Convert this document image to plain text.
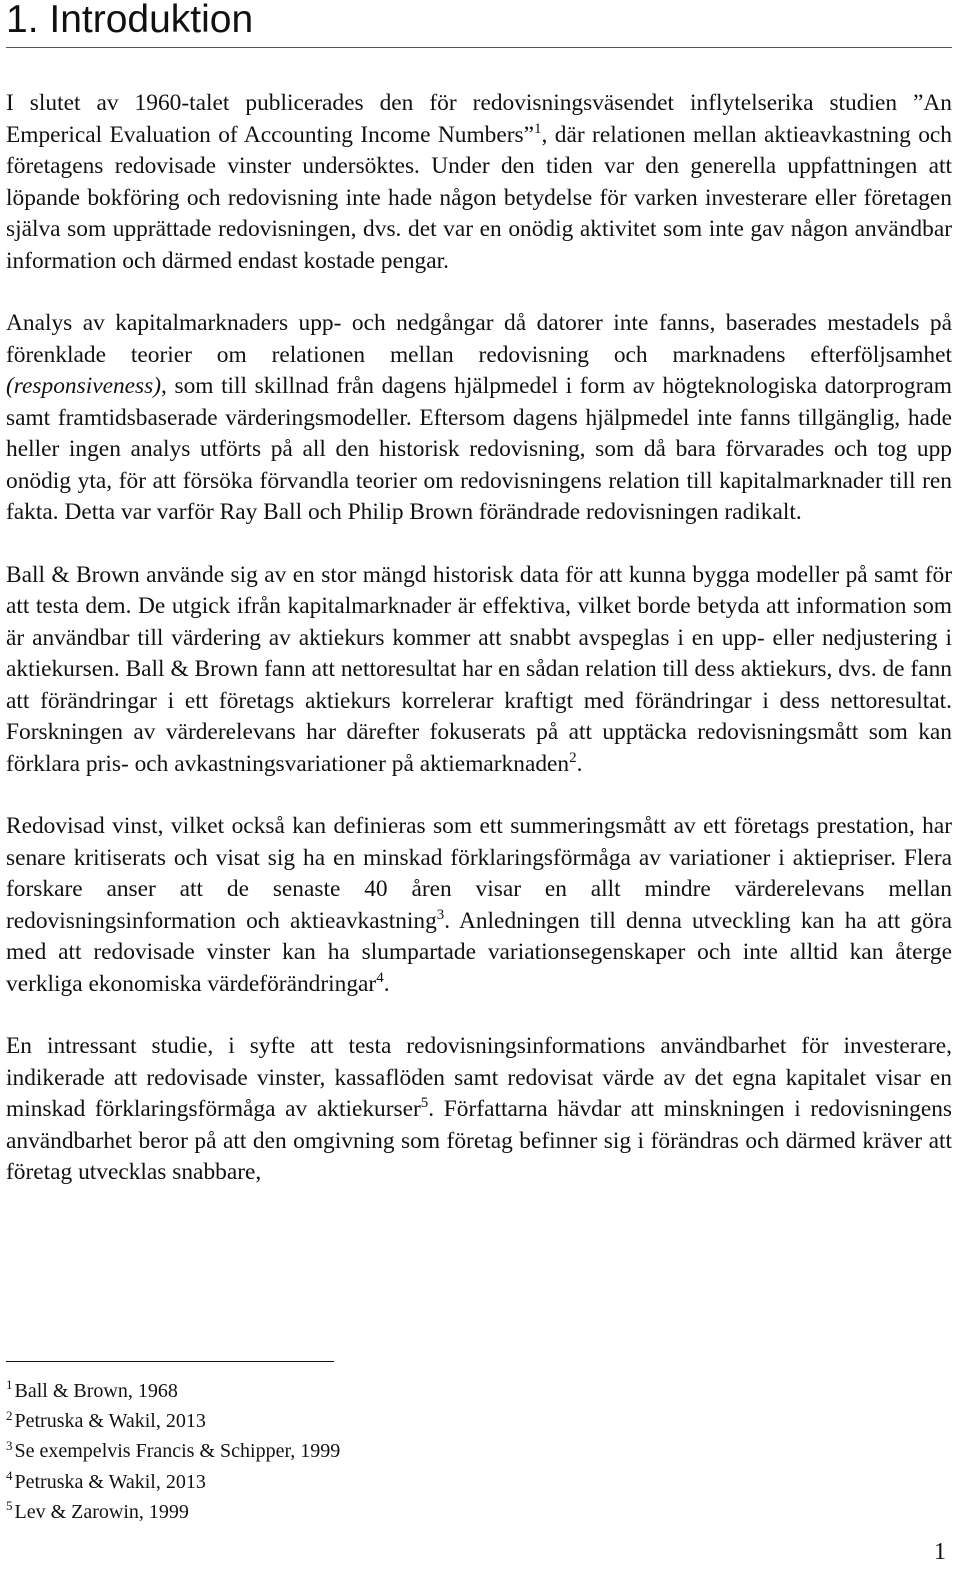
1. Introduktion

I slutet av 1960-talet publicerades den för redovisningsväsendet inflytelserika studien ”An Emperical Evaluation of Accounting Income Numbers”$^1$, där relationen mellan aktieavkastning och företagens redovisade vinster undersöktes. Under den tiden var den generella uppfattningen att löpande bokföring och redovisning inte hade någon betydelse för varken investerare eller företagen själva som upprättade redovisningen, dvs. det var en onödig aktivitet som inte gav någon användbar information och därmed endast kostade pengar.

Analys av kapitalmarknaders upp- och nedgångar då datorer inte fanns, baserades mestadels på förenklade teorier om relationen mellan redovisning och marknadens efterföljsamhet (responsiveness), som till skillnad från dagens hjälpmedel i form av högteknologiska datorprogram samt framtidsbaserade värderingsmodeller. Eftersom dagens hjälpmedel inte fanns tillgänglig, hade heller ingen analys utförts på all den historisk redovisning, som då bara förvarades och tog upp onödig yta, för att försöka förvandla teorier om redovisningens relation till kapitalmarknader till ren fakta. Detta var varför Ray Ball och Philip Brown förändrade redovisningen radikalt.

Ball & Brown använde sig av en stor mängd historisk data för att kunna bygga modeller på samt för att testa dem. De utgick ifrån kapitalmarknader är effektiva, vilket borde betyda att information som är användbar till värdering av aktiekurs kommer att snabbt avspeglas i en upp- eller nedjustering i aktiekursen. Ball & Brown fann att nettoresultat har en sådan relation till dess aktiekurs, dvs. de fann att förändringar i ett företags aktiekurs korrelerar kraftigt med förändringar i dess nettoresultat. Forskningen av värderelevans har därefter fokuserats på att upptäcka redovisningsmått som kan förklara pris- och avkastningsvariationer på aktiemarknaden$^2$.

Redovisad vinst, vilket också kan definieras som ett summeringsmått av ett företags prestation, har senare kritiserats och visat sig ha en minskad förklaringsförmåga av variationer i aktiepriser. Flera forskare anser att de senaste 40 åren visar en allt mindre värderelevans mellan redovisningsinformation och aktieavkastning$^3$. Anledningen till denna utveckling kan ha att göra med att redovisade vinster kan ha slumpartade variationsegenskaper och inte alltid kan återge verkliga ekonomiska värdeförändringar$^4$.

En intressant studie, i syfte att testa redovisningsinformations användbarhet för investerare, indikerade att redovisade vinster, kassaflöden samt redovisat värde av det egna kapitalet visar en minskad förklaringsförmåga av aktiekurser$^5$. Författarna hävdar att minskningen i redovisningens användbarhet beror på att den omgivning som företag befinner sig i förändras och därmed kräver att företag utvecklas snabbare,

$^1$ Ball & Brown, 1968

$^2$ Petruska & Wakil, 2013

$^3$ Se exempelvis Francis & Schipper, 1999

$^4$ Petruska & Wakil, 2013

$^5$ Lev & Zarowin, 1999

1
